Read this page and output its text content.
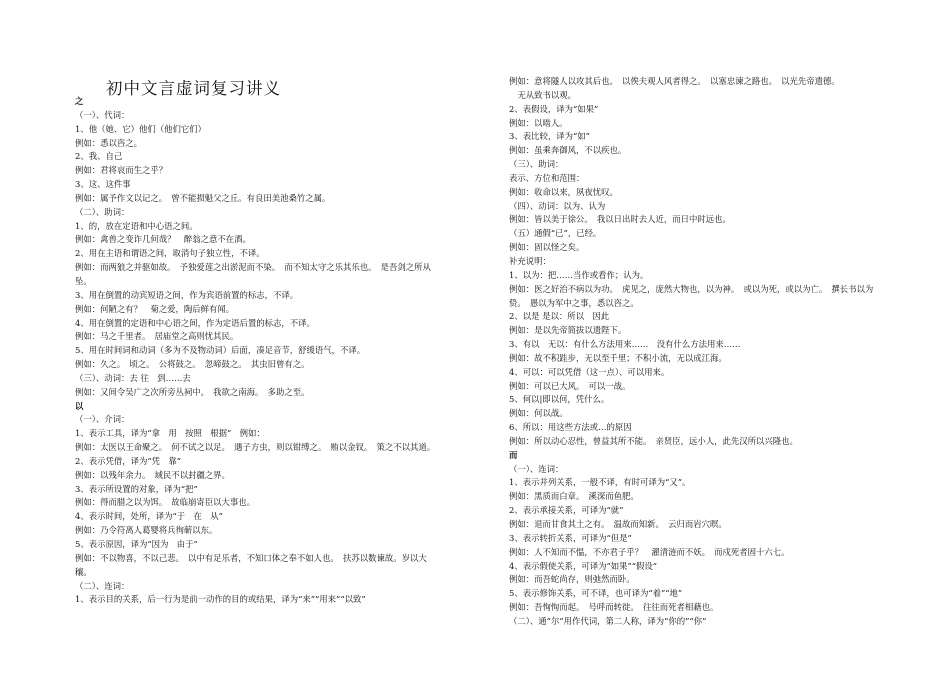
初中文言虚词复习讲义
之
（一）、代词：
1、他（她、它）他们（他们它们）
例如：悉以咨之。
2、我、自己
例如：君将哀而生之乎？
3、这、这件事
例如：属予作文以记之。　曾不能损魁父之丘。有良田美池桑竹之属。
（二）、助词：
1、的，放在定语和中心语之间。
例如：禽兽之变诈几何哉？　醉翁之意不在酒。
2、用在主语和谓语之间，取消句子独立性，不译。
例如：而两狼之并驱如故。　予独爱莲之出淤泥而不染。　而不知太守之乐其乐也。　是吾剑之所从坠。
3、用在倒置的动宾短语之间，作为宾语前置的标志，不译。
例如：何陋之有？　菊之爱，陶后鲜有闻。
4、用在倒置的定语和中心语之间，作为定语后置的标志，不译。
例如：马之千里者。　居庙堂之高则忧其民。
5、用在时间词和动词（多为不及物动词）后面，凑足音节，舒缓语气，不译。
例如：久之。　顷之。　公将鼓之。　忽啼鼓之。　其虫旧曾有之。
（三）、动词：去 往　到……去
例如：又间令吴广之次所旁丛祠中。　我欲之南海。　多助之至。
以
（一）、介词：
1、表示工具，译为“拿　用　按照　根据”　例如：
例如：太医以王命聚之。　何不试之以足。　遇子方虫，则以钳缚之。　贿以金钗。　策之不以其道。
2、表示凭借，译为“凭　靠”
例如：以残年余力。　域民不以封疆之界。
3、表示所设置的对象，译为“把”
例如：得而腊之以为饵。　故临崩寄臣以大事也。
4、表示时间，处所，译为“于　在　从”
例如：乃令符离人葛婴将兵徇蕲以东。
5、表示原因，译为“因为　由于”
例如：不以物喜，不以己悲。　以中有足乐者，不知口体之奉不如人也。　扶苏以数谏故。岁以大穰。
（二）、连词：
1、表示目的关系，后一行为是前一动作的目的或结果，译为“来”“用来”“以致”
例如：意将隧人以攻其后也。　以俟夫观人风者得之。　以塞忠谏之路也。　以光先帝遗德。
　无从致书以观。
2、表假设，译为“如果”
例如：以啮人。
3、表比较，译为“如”
例如：虽乘奔御风，不以疾也。
（三）、助词：
表示、方位和范围：
例如：收命以来，夙夜忧叹。
（四）、动词：以为、认为
例如：皆以美于徐公。　我以日出时去人近，而日中时远也。
（五）通假“已”，已经。
例如：固以怪之矣。
补充说明：
1、以为：把……当作或看作；认为。
例如：医之好治不病以为功。　虎见之，庞然大物也，以为神。　或以为死，或以为亡。　撰长书以为贽。　愚以为军中之事，悉以咨之。
2、以是 是以：所以　因此
例如：是以先帝简拔以遗陛下。
3、有以　无以：有什么方法用来……　没有什么方法用来……
例如：故不积跬步，无以至千里；不积小流，无以成江海。
4、可以：可以凭借（这一点）、可以用来。
例如：可以已大风。　可以一战。
5、何以|即以何，凭什么。
例如：何以战。
6、所以：用这些方法或…的原因
例如：所以动心忍性，曾益其所不能。　亲贤臣，远小人，此先汉所以兴隆也。
而
（一）、连词：
1、表示并列关系，一般不译，有时可译为“又”。
例如：黑质而白章。　溪深而鱼肥。
2、表示承接关系，可译为“就”
例如：退而甘食其土之有。　温故而知新。　云归而岩穴暝。
3、表示转折关系，可译为“但是”
例如：人不知而不愠，不亦君子乎？　濯清涟而不妖。　而戍死者固十六七。
4、表示假使关系，可译为“如果”“假设”
例如：而吾蛇尚存，则弛然而卧。
5、表示修饰关系，可不译，也可译为“着”“地”
例如：吾恂恂而起。　号呼而转徙。　往往而死者相藉也。
（二）、通“尔”用作代词，第二人称，译为“你的”“你”
